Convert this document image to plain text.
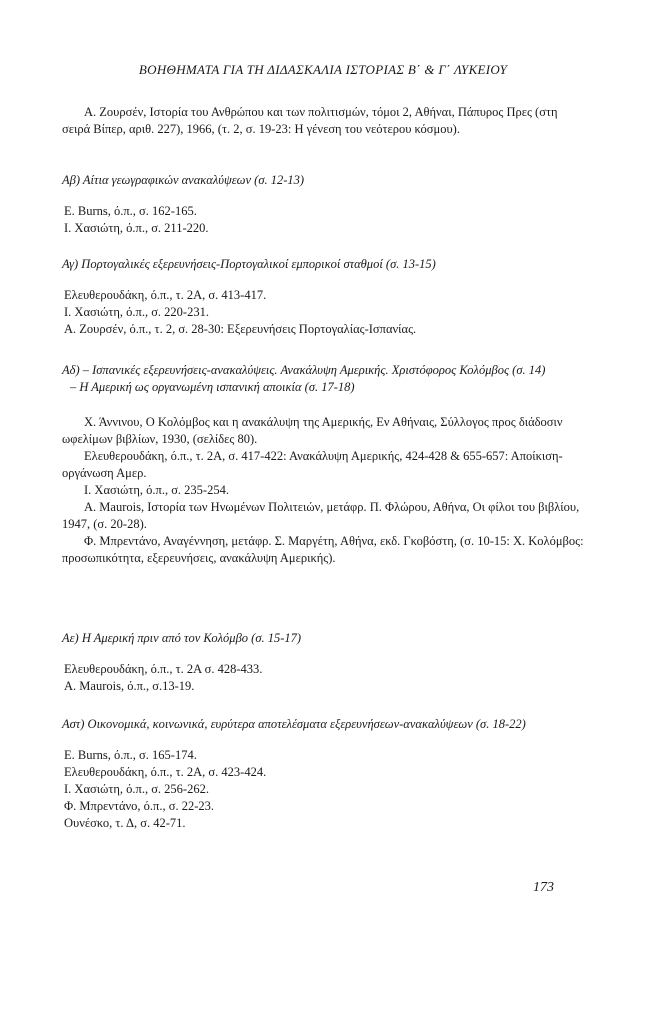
ΒΟΗΘΗΜΑΤΑ ΓΙΑ ΤΗ ΔΙΔΑΣΚΑΛΙΑ ΙΣΤΟΡΙΑΣ Β΄ & Γ΄ ΛΥΚΕΙΟΥ

Α. Ζουρσέν, Ιστορία του Ανθρώπου και των πολιτισμών, τόμοι 2, Αθήναι, Πάπυρος Πρες (στη σειρά Βίπερ, αριθ. 227), 1966, (τ. 2, σ. 19-23: Η γένεση του νεότερου κόσμου).

Αβ) Αίτια γεωγραφικών ανακαλύψεων (σ. 12-13)

Ε. Burns, ό.π., σ. 162-165.
Ι. Χασιώτη, ό.π., σ. 211-220.

Αγ) Πορτογαλικές εξερευνήσεις-Πορτογαλικοί εμπορικοί σταθμοί (σ. 13-15)

Ελευθερουδάκη, ό.π., τ. 2Α, σ. 413-417.
Ι. Χασιώτη, ό.π., σ. 220-231.
Α. Ζουρσέν, ό.π., τ. 2, σ. 28-30: Εξερευνήσεις Πορτογαλίας-Ισπανίας.

Αδ) – Ισπανικές εξερευνήσεις-ανακαλύψεις. Ανακάλυψη Αμερικής. Χριστόφορος Κολόμβος (σ. 14)

– Η Αμερική ως οργανωμένη ισπανική αποικία (σ. 17-18)

Χ. Άννινου, Ο Κολόμβος και η ανακάλυψη της Αμερικής, Εν Αθήναις, Σύλλογος προς διάδοσιν ωφελίμων βιβλίων, 1930, (σελίδες 80).
Ελευθερουδάκη, ό.π., τ. 2Α, σ. 417-422: Ανακάλυψη Αμερικής, 424-428 & 655-657: Αποίκιση-οργάνωση Αμερ.
Ι. Χασιώτη, ό.π., σ. 235-254.
Α. Maurois, Ιστορία των Ηνωμένων Πολιτειών, μετάφρ. Π. Φλώρου, Αθήνα, Οι φίλοι του βιβλίου, 1947, (σ. 20-28).
Φ. Μπρεντάνο, Αναγέννηση, μετάφρ. Σ. Μαργέτη, Αθήνα, εκδ. Γκοβόστη, (σ. 10-15: Χ. Κολόμβος: προσωπικότητα, εξερευνήσεις, ανακάλυψη Αμερικής).

Αε) Η Αμερική πριν από τον Κολόμβο (σ. 15-17)

Ελευθερουδάκη, ό.π., τ. 2Α σ. 428-433.
Α. Maurois, ό.π., σ.13-19.

Αστ) Οικονομικά, κοινωνικά, ευρύτερα αποτελέσματα εξερευνήσεων-ανακαλύψεων (σ. 18-22)

Ε. Burns, ό.π., σ. 165-174.
Ελευθερουδάκη, ό.π., τ. 2Α, σ. 423-424.
Ι. Χασιώτη, ό.π., σ. 256-262.
Φ. Μπρεντάνο, ό.π., σ. 22-23.
Ουνέσκο, τ. Δ, σ. 42-71.
173
